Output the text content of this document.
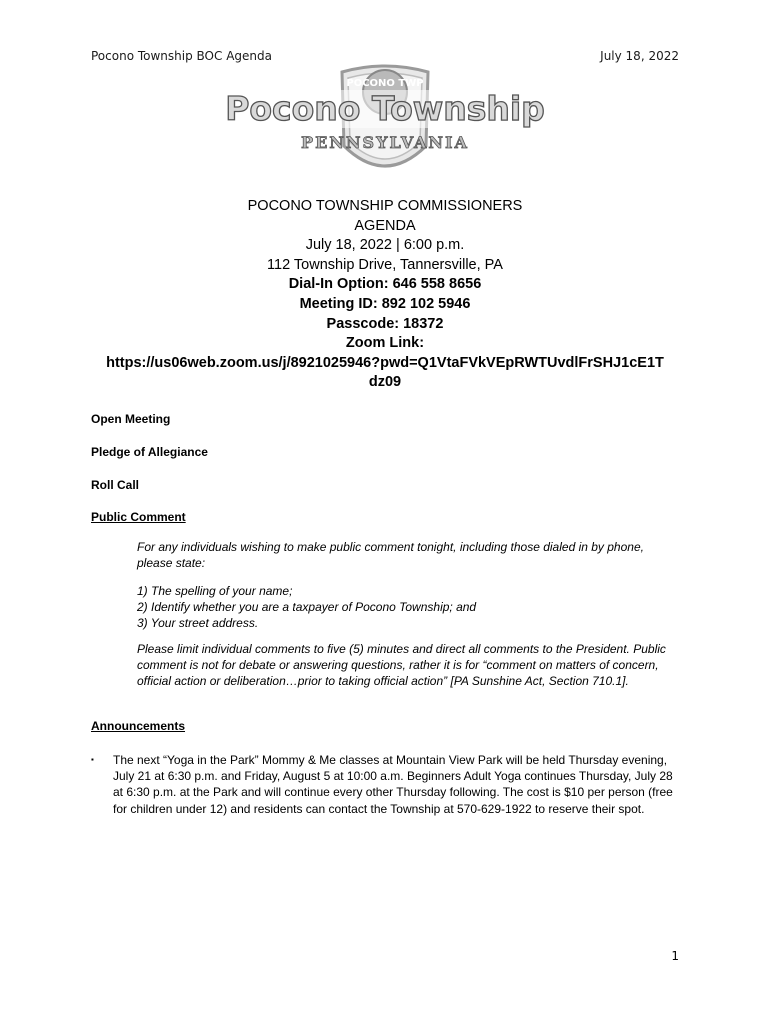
Pocono Township BOC Agenda	July 18, 2022
POCONO TWP
Pocono Township
PENNSYLVANIA
POCONO TOWNSHIP COMMISSIONERS
AGENDA
July 18, 2022 | 6:00 p.m.
112 Township Drive, Tannersville, PA
Dial-In Option: 646 558 8656
Meeting ID: 892 102 5946
Passcode: 18372
Zoom Link:
https://us06web.zoom.us/j/8921025946?pwd=Q1VtaFVkVEpRWTUvdlFrSHJ1cE1T
dz09
Open Meeting
Pledge of Allegiance
Roll Call
Public Comment
For any individuals wishing to make public comment tonight, including those dialed in by phone, please state:
1) The spelling of your name;
2) Identify whether you are a taxpayer of Pocono Township; and
3) Your street address.
Please limit individual comments to five (5) minutes and direct all comments to the President. Public comment is not for debate or answering questions, rather it is for “comment on matters of concern, official action or deliberation…prior to taking official action” [PA Sunshine Act, Section 710.1].
Announcements
▪	The next “Yoga in the Park” Mommy & Me classes at Mountain View Park will be held Thursday evening, July 21 at 6:30 p.m. and Friday, August 5 at 10:00 a.m. Beginners Adult Yoga continues Thursday, July 28 at 6:30 p.m. at the Park and will continue every other Thursday following. The cost is $10 per person (free for children under 12) and residents can contact the Township at 570-629-1922 to reserve their spot.
1
